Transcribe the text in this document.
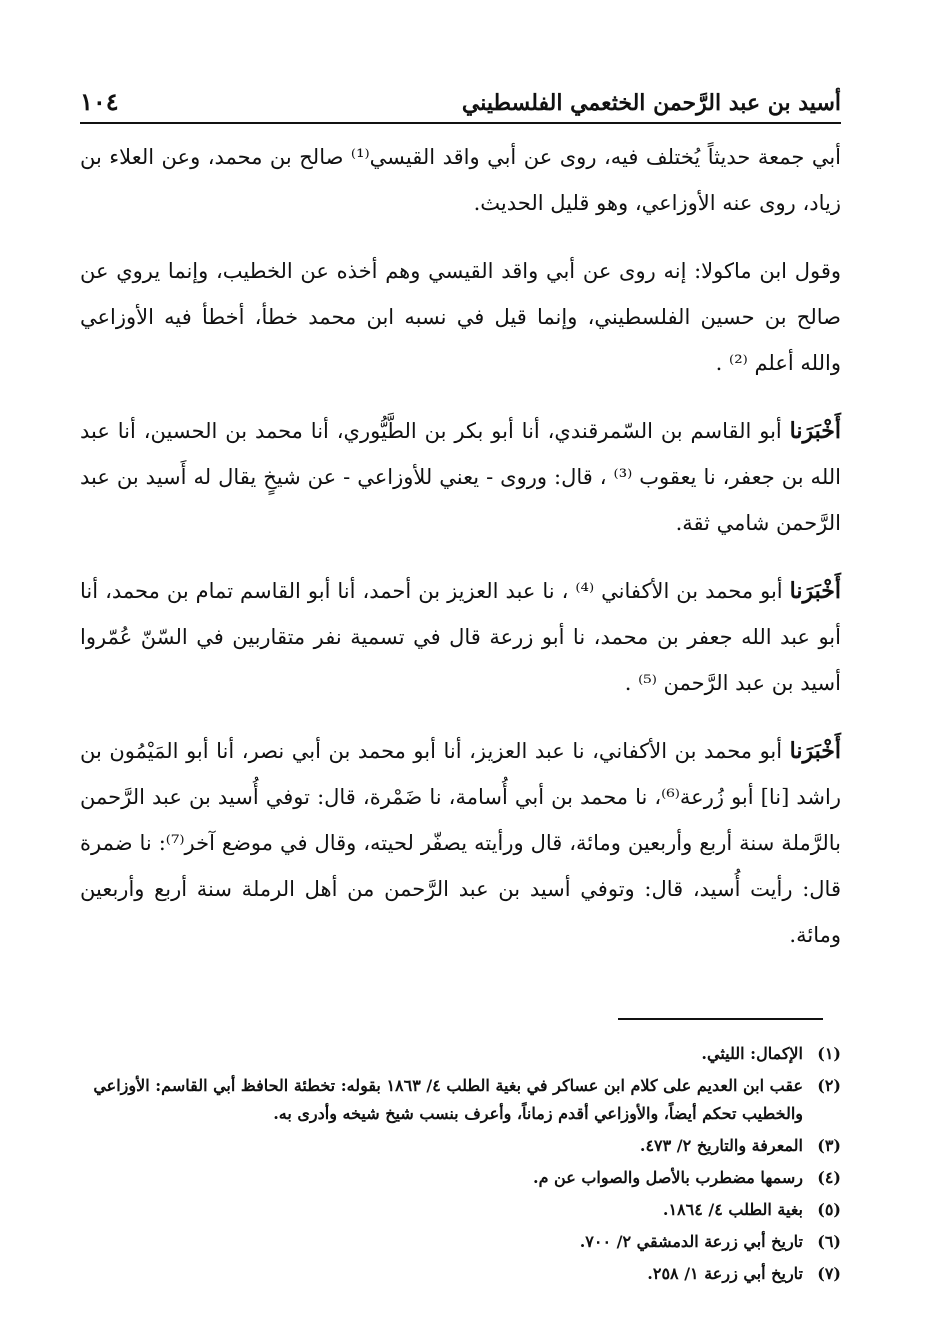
أسيد بن عبد الرَّحمن الخثعمي الفلسطيني
١٠٤

أبي جمعة حديثاً يُختلف فيه، روى عن أبي واقد القيسي⁽¹⁾ صالح بن محمد، وعن العلاء بن زياد، روى عنه الأوزاعي، وهو قليل الحديث.

وقول ابن ماكولا: إنه روى عن أبي واقد القيسي وهم أخذه عن الخطيب، وإنما يروي عن صالح بن حسين الفلسطيني، وإنما قيل في نسبه ابن محمد خطأ، أخطأ فيه الأوزاعي والله أعلم ⁽²⁾ .

أَخْبَرَنا أبو القاسم بن السّمرقندي، أنا أبو بكر بن الطَّيُّوري، أنا محمد بن الحسين، أنا عبد الله بن جعفر، نا يعقوب ⁽³⁾ ، قال: وروى - يعني للأوزاعي - عن شيخٍ يقال له أَسيد بن عبد الرَّحمن شامي ثقة.

أَخْبَرَنا أبو محمد بن الأكفاني ⁽⁴⁾ ، نا عبد العزيز بن أحمد، أنا أبو القاسم تمام بن محمد، أنا أبو عبد الله جعفر بن محمد، نا أبو زرعة قال في تسمية نفر متقاربين في السّنّ عُمّروا أسيد بن عبد الرَّحمن ⁽⁵⁾ .

أَخْبَرَنا أبو محمد بن الأكفاني، نا عبد العزيز، أنا أبو محمد بن أبي نصر، أنا أبو المَيْمُون بن راشد [نا] أبو زُرعة⁽⁶⁾، نا محمد بن أبي أُسامة، نا ضَمْرة، قال: توفي أُسيد بن عبد الرَّحمن بالرَّملة سنة أربع وأربعين ومائة، قال ورأيته يصفّر لحيته، وقال في موضع آخر⁽⁷⁾: نا ضمرة قال: رأيت أُسيد، قال: وتوفي أسيد بن عبد الرَّحمن من أهل الرملة سنة أربع وأربعين ومائة.

(١)
الإكمال: الليثي.
(٢)
عقب ابن العديم على كلام ابن عساكر في بغية الطلب ٤/ ١٨٦٣ بقوله: تخطئة الحافظ أبي القاسم: الأوزاعي والخطيب تحكم أيضاً، والأوزاعي أقدم زماناً، وأعرف بنسب شيخ شيخه وأدرى به.
(٣)
المعرفة والتاريخ ٢/ ٤٧٣.
(٤)
رسمها مضطرب بالأصل والصواب عن م.
(٥)
بغية الطلب ٤/ ١٨٦٤.
(٦)
تاريخ أبي زرعة الدمشقي ٢/ ٧٠٠.
(٧)
تاريخ أبي زرعة ١/ ٢٥٨.
